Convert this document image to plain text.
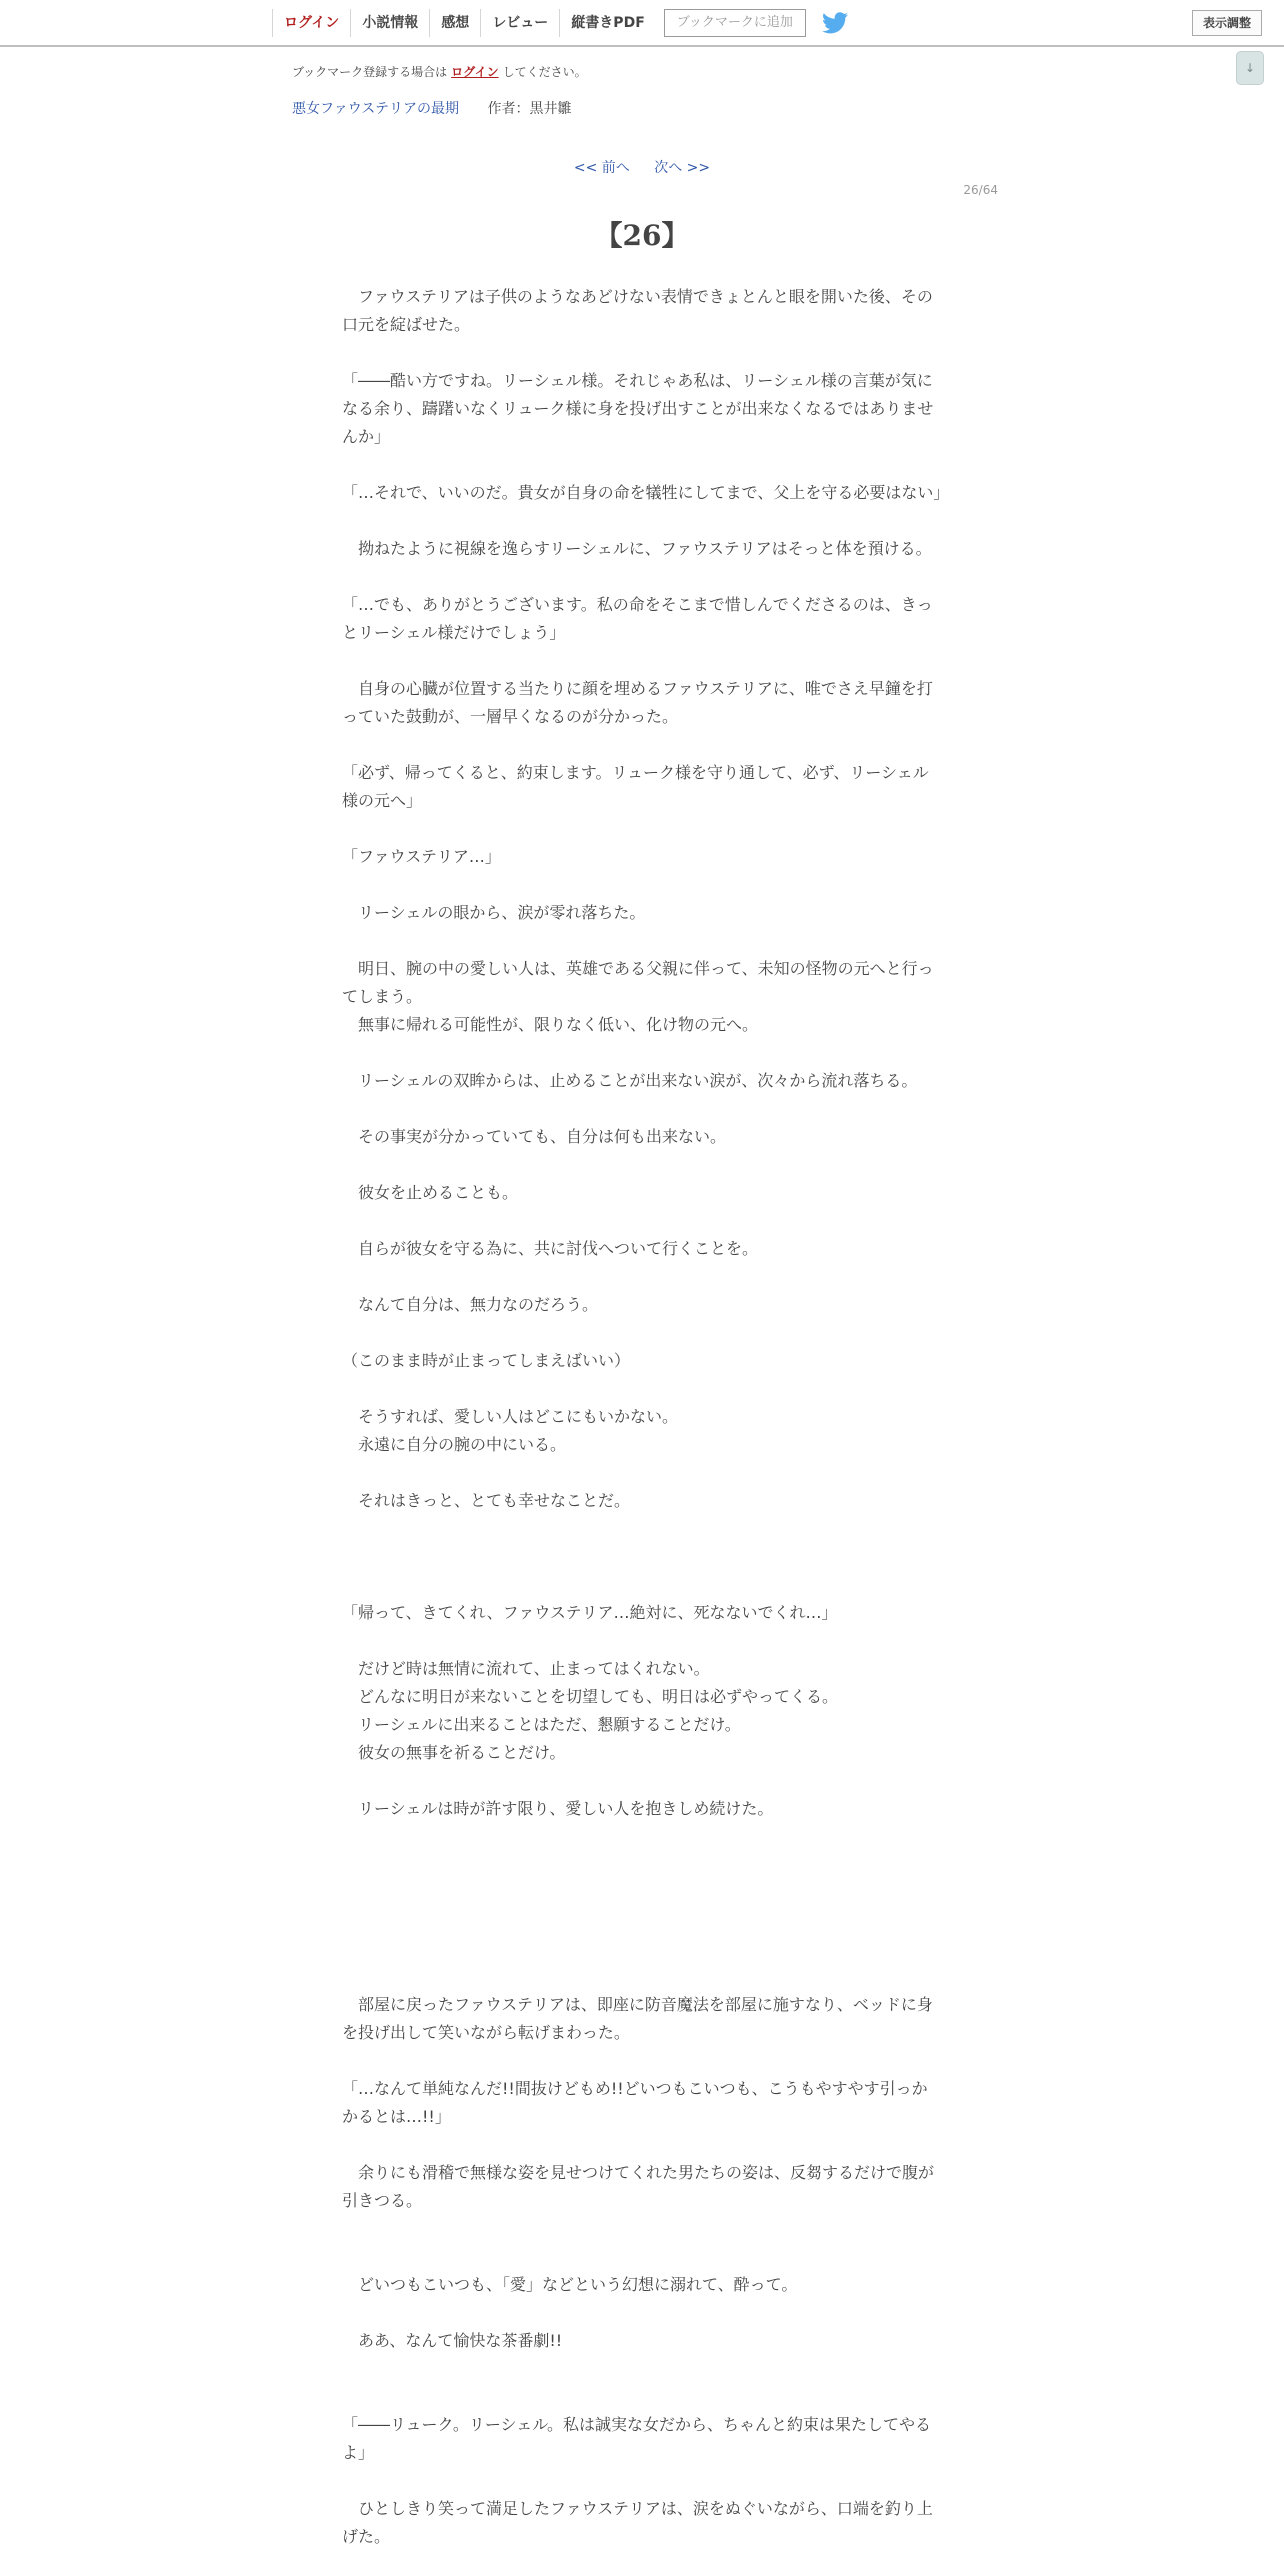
ログイン	小説情報	感想	レビュー	縦書きPDF	ブックマークに追加	表示調整
↓
ブックマーク登録する場合は ログイン してください。
悪女ファウステリアの最期 作者：黒井雛
<< 前へ 次へ >>
26/64
【26】

　ファウステリアは子供のようなあどけない表情できょとんと眼を開いた後、その口元を綻ばせた。

「――酷い方ですね。リーシェル様。それじゃあ私は、リーシェル様の言葉が気になる余り、躊躇いなくリューク様に身を投げ出すことが出来なくなるではありませんか」

「…それで、いいのだ。貴女が自身の命を犠牲にしてまで、父上を守る必要はない」

　拗ねたように視線を逸らすリーシェルに、ファウステリアはそっと体を預ける。

「…でも、ありがとうございます。私の命をそこまで惜しんでくださるのは、きっとリーシェル様だけでしょう」

　自身の心臓が位置する当たりに顔を埋めるファウステリアに、唯でさえ早鐘を打っていた鼓動が、一層早くなるのが分かった。

「必ず、帰ってくると、約束します。リューク様を守り通して、必ず、リーシェル様の元へ」

「ファウステリア…」

　リーシェルの眼から、涙が零れ落ちた。

　明日、腕の中の愛しい人は、英雄である父親に伴って、未知の怪物の元へと行ってしまう。

　無事に帰れる可能性が、限りなく低い、化け物の元へ。

　リーシェルの双眸からは、止めることが出来ない涙が、次々から流れ落ちる。

　その事実が分かっていても、自分は何も出来ない。

　彼女を止めることも。

　自らが彼女を守る為に、共に討伐へついて行くことを。

　なんて自分は、無力なのだろう。

（このまま時が止まってしまえばいい）

　そうすれば、愛しい人はどこにもいかない。

　永遠に自分の腕の中にいる。

　それはきっと、とても幸せなことだ。

「帰って、きてくれ、ファウステリア…絶対に、死なないでくれ…」

　だけど時は無情に流れて、止まってはくれない。

　どんなに明日が来ないことを切望しても、明日は必ずやってくる。

　リーシェルに出来ることはただ、懇願することだけ。

　彼女の無事を祈ることだけ。

　リーシェルは時が許す限り、愛しい人を抱きしめ続けた。

　部屋に戻ったファウステリアは、即座に防音魔法を部屋に施すなり、ベッドに身を投げ出して笑いながら転げまわった。

「…なんて単純なんだ!!間抜けどもめ!!どいつもこいつも、こうもやすやす引っかかるとは…!!」

　余りにも滑稽で無様な姿を見せつけてくれた男たちの姿は、反芻するだけで腹が引きつる。

　どいつもこいつも、「愛」などという幻想に溺れて、酔って。

　ああ、なんて愉快な茶番劇!!

「――リューク。リーシェル。私は誠実な女だから、ちゃんと約束は果たしてやるよ」

　ひとしきり笑って満足したファウステリアは、涙をぬぐいながら、口端を釣り上げた。
